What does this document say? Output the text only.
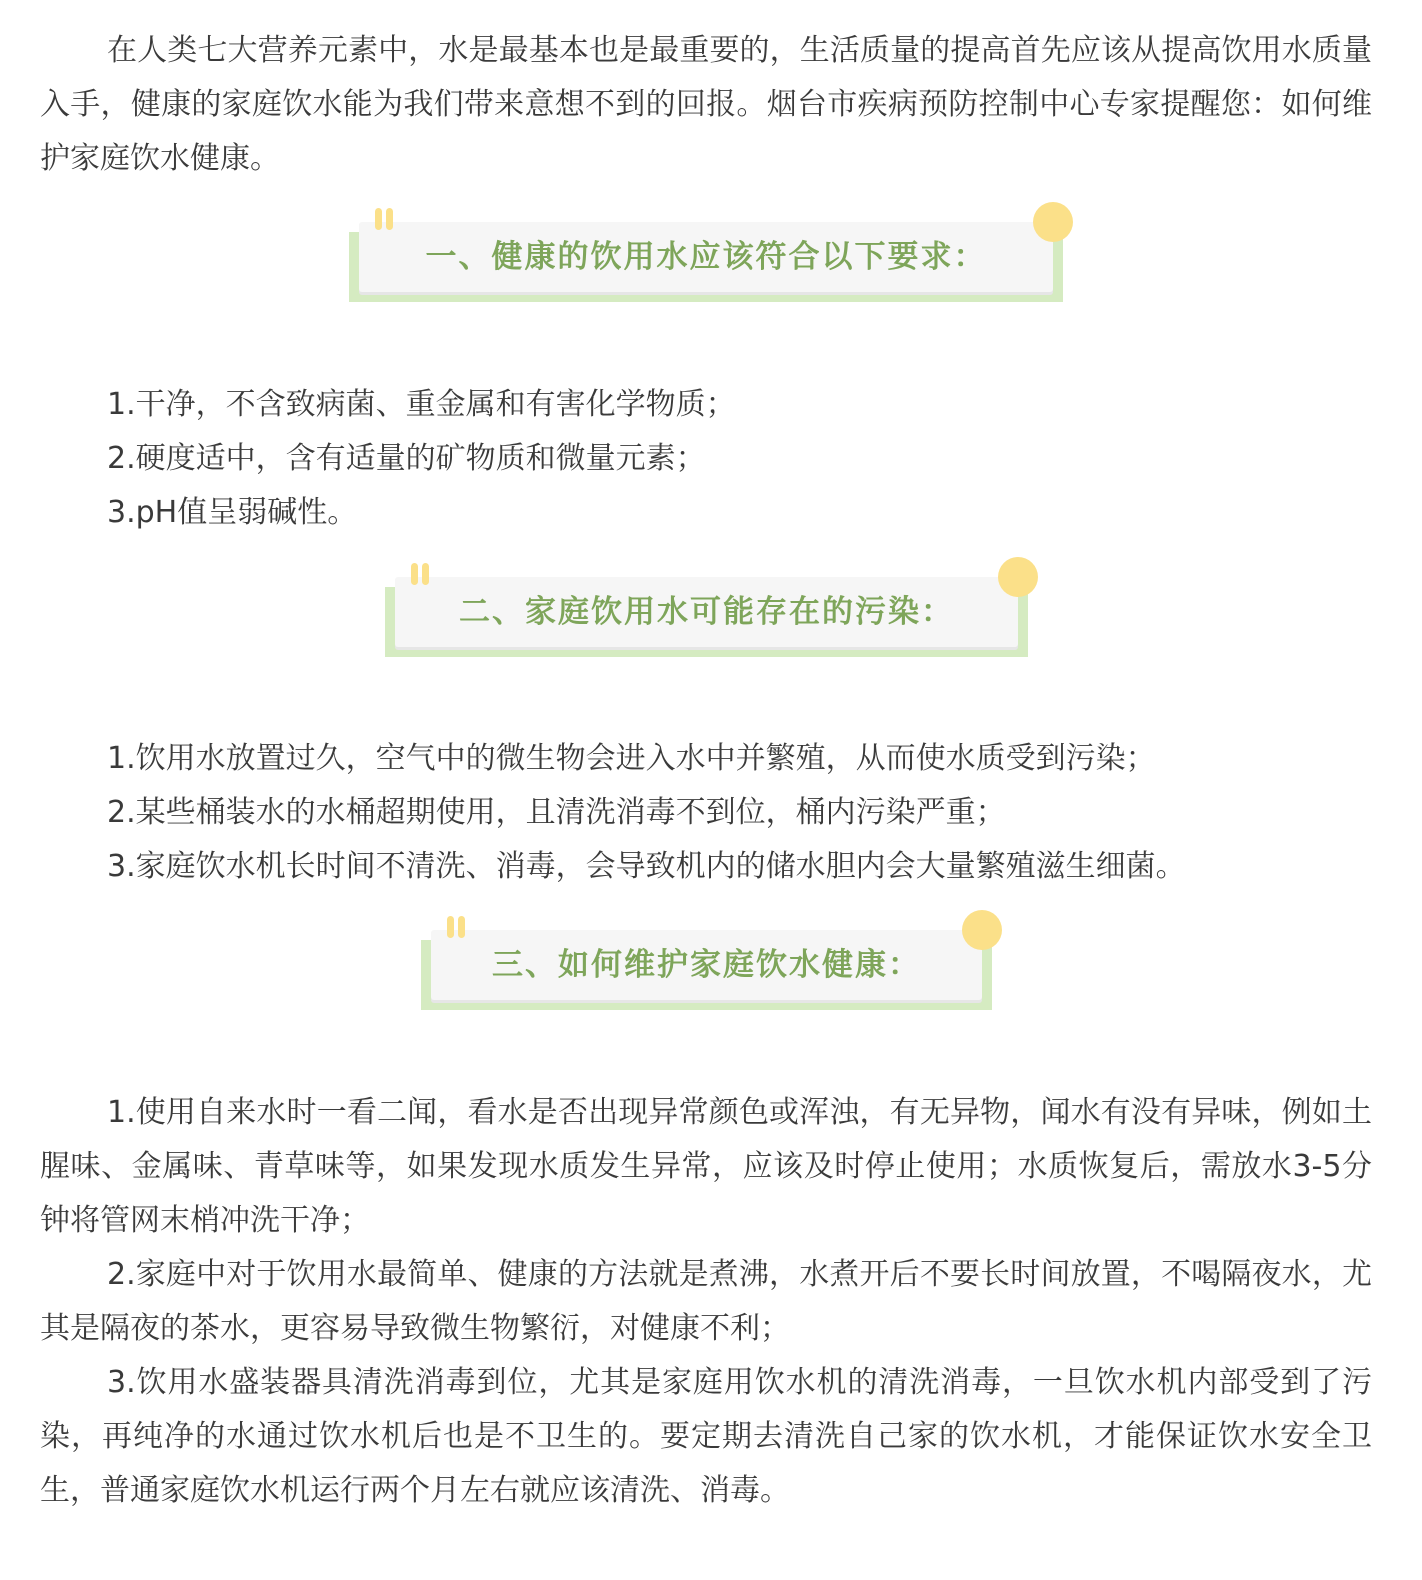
在人类七大营养元素中，水是最基本也是最重要的，生活质量的提高首先应该从提高饮用水质量入手，健康的家庭饮水能为我们带来意想不到的回报。烟台市疾病预防控制中心专家提醒您：如何维护家庭饮水健康。

一、健康的饮用水应该符合以下要求：

1.干净，不含致病菌、重金属和有害化学物质；

2.硬度适中，含有适量的矿物质和微量元素；

3.pH值呈弱碱性。

二、家庭饮用水可能存在的污染：

1.饮用水放置过久，空气中的微生物会进入水中并繁殖，从而使水质受到污染；

2.某些桶装水的水桶超期使用，且清洗消毒不到位，桶内污染严重；

3.家庭饮水机长时间不清洗、消毒，会导致机内的储水胆内会大量繁殖滋生细菌。

三、如何维护家庭饮水健康：

1.使用自来水时一看二闻，看水是否出现异常颜色或浑浊，有无异物，闻水有没有异味，例如土腥味、金属味、青草味等，如果发现水质发生异常，应该及时停止使用；水质恢复后，需放水3-5分钟将管网末梢冲洗干净；

2.家庭中对于饮用水最简单、健康的方法就是煮沸，水煮开后不要长时间放置，不喝隔夜水，尤其是隔夜的茶水，更容易导致微生物繁衍，对健康不利；

3.饮用水盛装器具清洗消毒到位，尤其是家庭用饮水机的清洗消毒，一旦饮水机内部受到了污染，再纯净的水通过饮水机后也是不卫生的。要定期去清洗自己家的饮水机，才能保证饮水安全卫生，普通家庭饮水机运行两个月左右就应该清洗、消毒。
